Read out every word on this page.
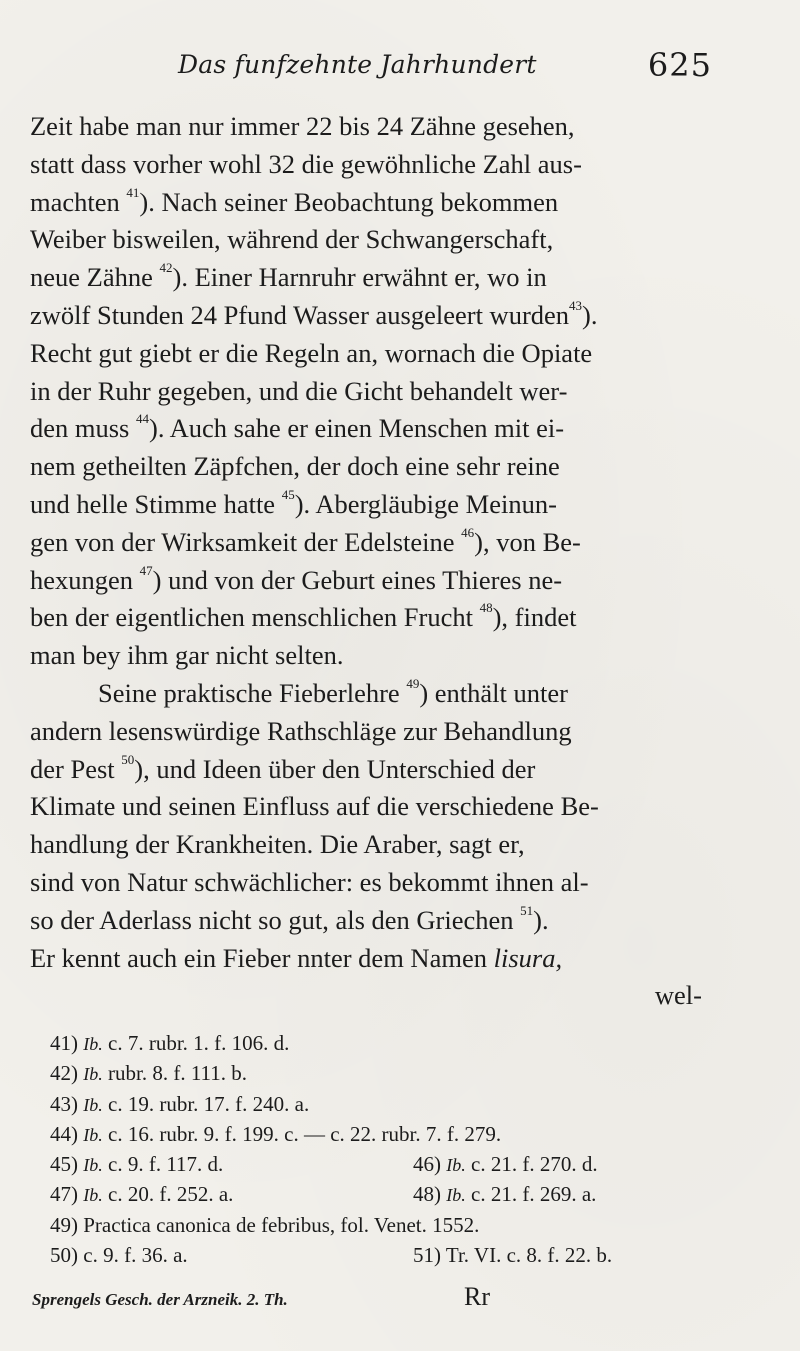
Das funfzehnte Jahrhundert	625
Zeit habe man nur immer 22 bis 24 Zähne gesehen,
statt dass vorher wohl 32 die gewöhnliche Zahl aus-
machten $^{41}$). Nach seiner Beobachtung bekommen
Weiber bisweilen, während der Schwangerschaft,
neue Zähne $^{42}$). Einer Harnruhr erwähnt er, wo in
zwölf Stunden 24 Pfund Wasser ausgeleert wurden$^{43}$).
Recht gut giebt er die Regeln an, wornach die Opiate
in der Ruhr gegeben, und die Gicht behandelt wer-
den muss $^{44}$). Auch sahe er einen Menschen mit ei-
nem getheilten Zäpfchen, der doch eine sehr reine
und helle Stimme hatte $^{45}$). Abergläubige Meinun-
gen von der Wirksamkeit der Edelsteine $^{46}$), von Be-
hexungen $^{47}$) und von der Geburt eines Thieres ne-
ben der eigentlichen menschlichen Frucht $^{48}$), findet
man bey ihm gar nicht selten.
Seine praktische Fieberlehre $^{49}$) enthält unter
andern lesenswürdige Rathschläge zur Behandlung
der Pest $^{50}$), und Ideen über den Unterschied der
Klimate und seinen Einfluss auf die verschiedene Be-
handlung der Krankheiten. Die Araber, sagt er,
sind von Natur schwächlicher: es bekommt ihnen al-
so der Aderlass nicht so gut, als den Griechen $^{51}$).
Er kennt auch ein Fieber nnter dem Namen lisura,
wel-
41) Ib. c. 7. rubr. 1. f. 106. d.
42) Ib. rubr. 8. f. 111. b.
43) Ib. c. 19. rubr. 17. f. 240. a.
44) Ib. c. 16. rubr. 9. f. 199. c. — c. 22. rubr. 7. f. 279.
45) Ib. c. 9. f. 117. d.	46) Ib. c. 21. f. 270. d.
47) Ib. c. 20. f. 252. a.	48) Ib. c. 21. f. 269. a.
49) Practica canonica de febribus, fol. Venet. 1552.
50) c. 9. f. 36. a.	51) Tr. VI. c. 8. f. 22. b.
Sprengels Gesch. der Arzneik. 2. Th.	Rr
